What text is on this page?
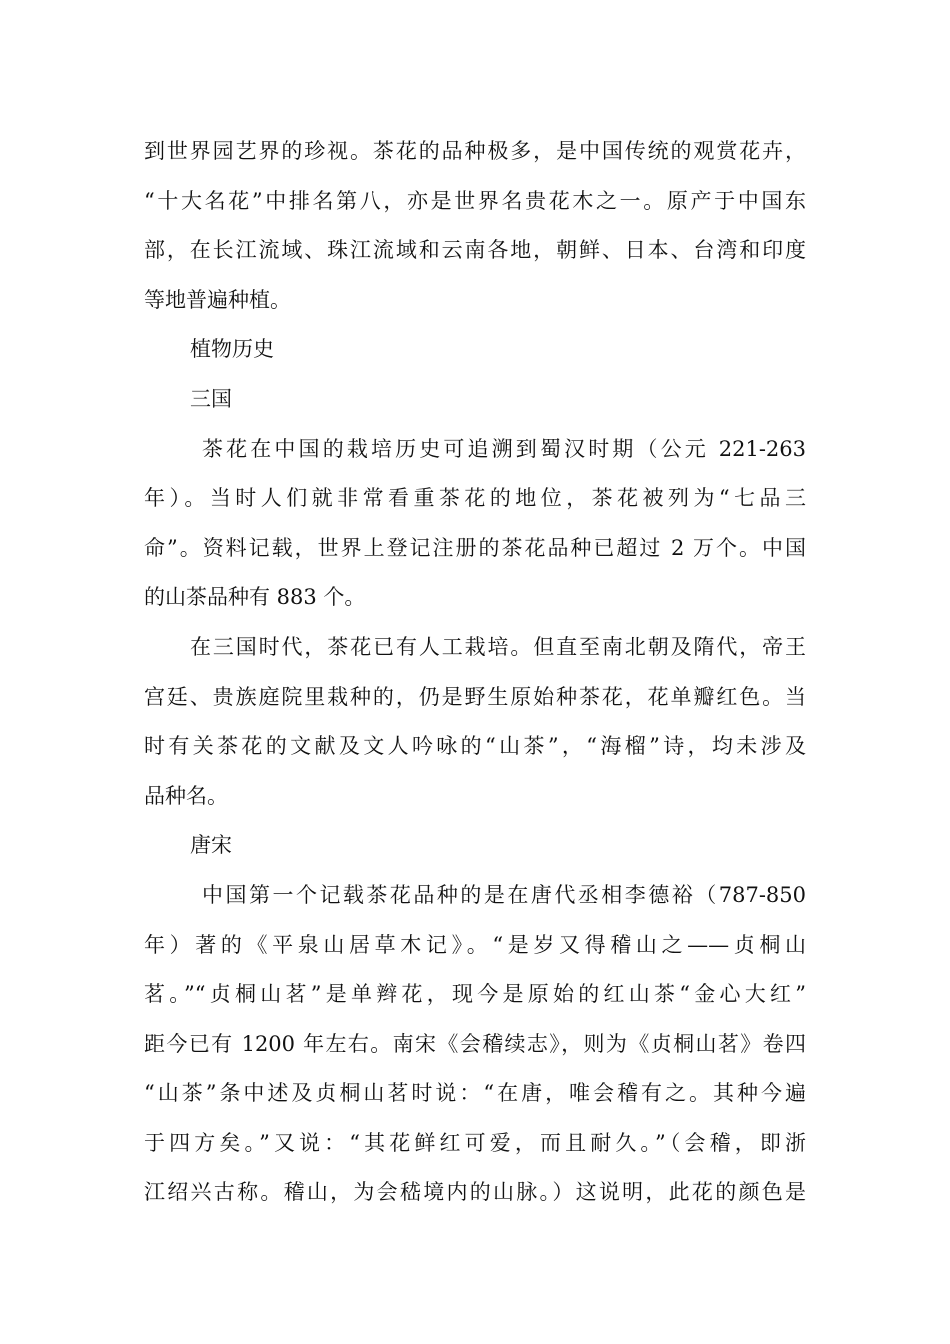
到世界园艺界的珍视。茶花的品种极多，是中国传统的观赏花卉，
“十大名花”中排名第八，亦是世界名贵花木之一。原产于中国东
部，在长江流域、珠江流域和云南各地，朝鲜、日本、台湾和印度
等地普遍种植。
植物历史
三国
茶花在中国的栽培历史可追溯到蜀汉时期（公元 221-263
年）。当时人们就非常看重茶花的地位，茶花被列为“七品三
命”。资料记载，世界上登记注册的茶花品种已超过 2 万个。中国
的山茶品种有 883 个。
在三国时代，茶花已有人工栽培。但直至南北朝及隋代，帝王
宫廷、贵族庭院里栽种的，仍是野生原始种茶花，花单瓣红色。当
时有关茶花的文献及文人吟咏的“山茶”，“海榴”诗，均未涉及
品种名。
唐宋
中国第一个记载茶花品种的是在唐代丞相李德裕（787-850
年）著的《平泉山居草木记》。“是岁又得稽山之——贞桐山
茗。”“贞桐山茗”是单辫花，现今是原始的红山茶“金心大红”
距今已有 1200 年左右。南宋《会稽续志》，则为《贞桐山茗》卷四
“山茶”条中述及贞桐山茗时说：“在唐，唯会稽有之。其种今遍
于四方矣。”又说：“其花鲜红可爱，而且耐久。”（会稽，即浙
江绍兴古称。稽山，为会嵇境内的山脉。）这说明，此花的颜色是
